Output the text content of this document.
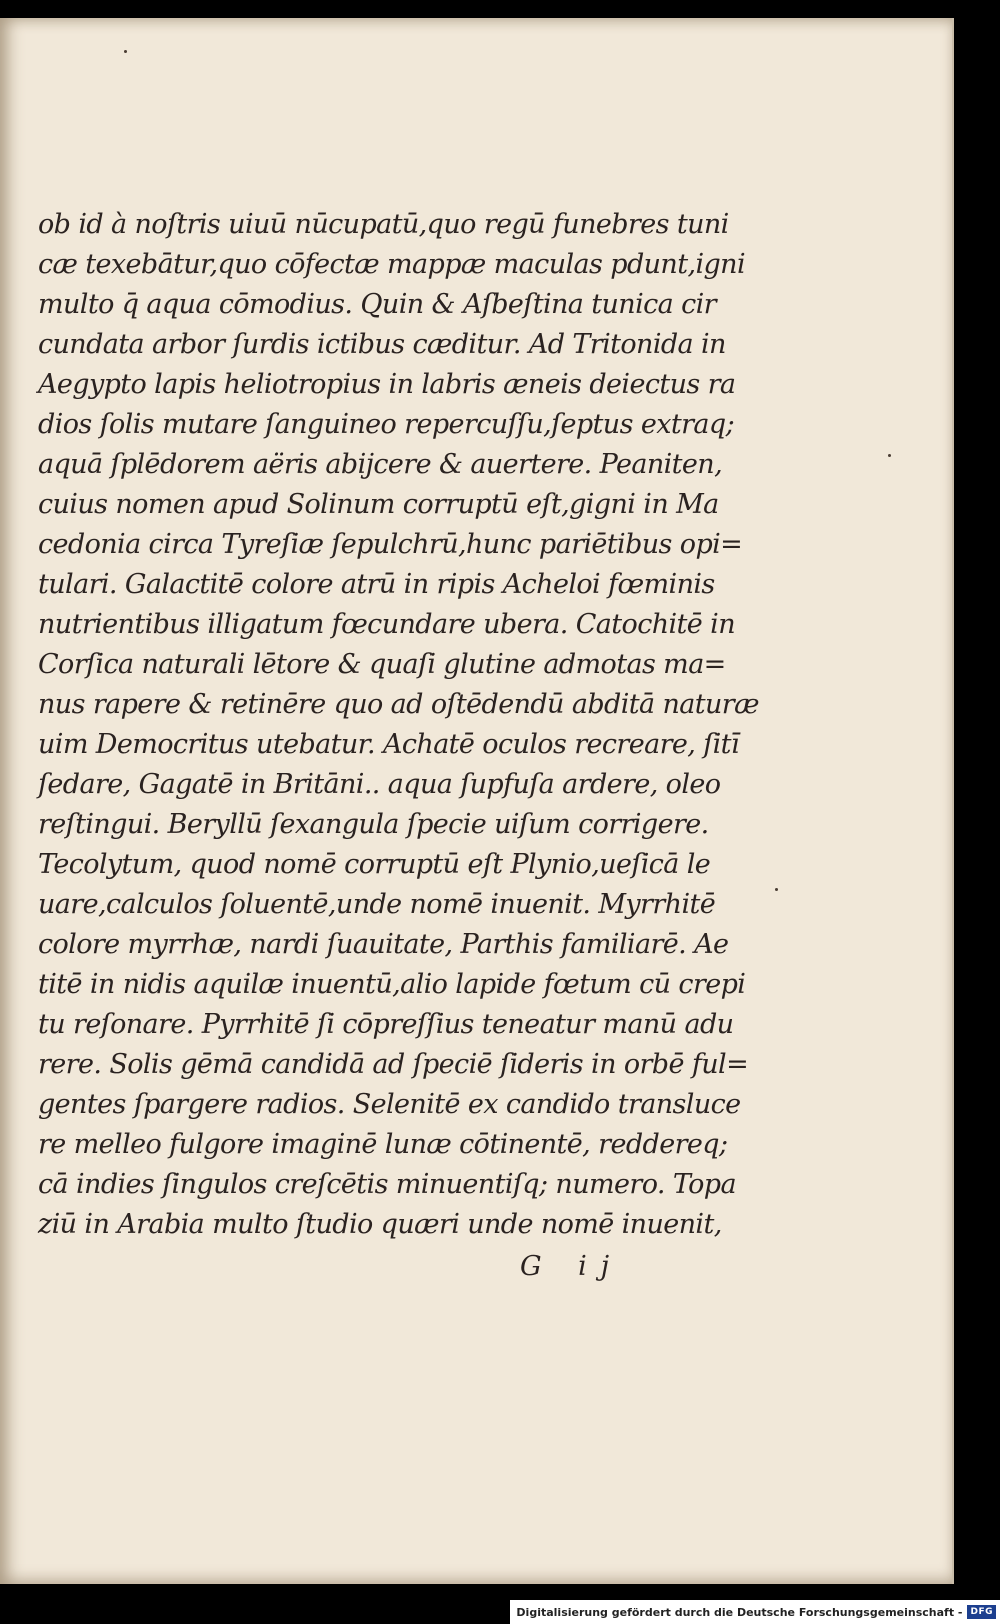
ob id à noſtris uiuū nūcupatū,quo regū funebres tuni
cæ texebātur,quo cōfectæ mappæ maculas pdunt,igni
multo q̄ aqua cōmodius. Quin & Aſbeſtina tunica cir
cundata arbor ſurdis ictibus cæditur. Ad Tritonida in
Aegypto lapis heliotropius in labris æneis deiectus ra
dios ſolis mutare ſanguineo repercuſſu,ſeptus extraq;
aquā ſplēdorem aëris abijcere & auertere. Peaniten,
cuius nomen apud Solinum corruptū eſt,gigni in Ma
cedonia circa Tyreſiæ ſepulchrū,hunc pariētibus opi=
tulari. Galactitē colore atrū in ripis Acheloi fœminis
nutrientibus illigatum fœcundare ubera. Catochitē in
Corſica naturali lētore & quaſi glutine admotas ma=
nus rapere & retinēre quo ad oſtēdendū abditā naturæ
uim Democritus utebatur. Achatē oculos recreare, ſitī
ſedare, Gagatē in Britāni.. aqua ſupfuſa ardere, oleo
reſtingui. Beryllū ſexangula ſpecie uiſum corrigere.
Tecolytum, quod nomē corruptū eſt Plynio,ueſicā le
uare,calculos ſoluentē,unde nomē inuenit. Myrrhitē
colore myrrhæ, nardi ſuauitate, Parthis familiarē. Ae
titē in nidis aquilæ inuentū,alio lapide fœtum cū crepi
tu reſonare. Pyrrhitē ſi cōpreſſius teneatur manū adu
rere. Solis gēmā candidā ad ſpeciē ſideris in orbē ful=
gentes ſpargere radios. Selenitē ex candido transluce
re melleo fulgore imaginē lunæ cōtinentē, reddereq;
cā indies ſingulos creſcētis minuentiſq; numero. Topa
ziū in Arabia multo ſtudio quæri unde nomē inuenit,
G ij
Digitalisierung gefördert durch die Deutsche Forschungsgemeinschaft - DFG
